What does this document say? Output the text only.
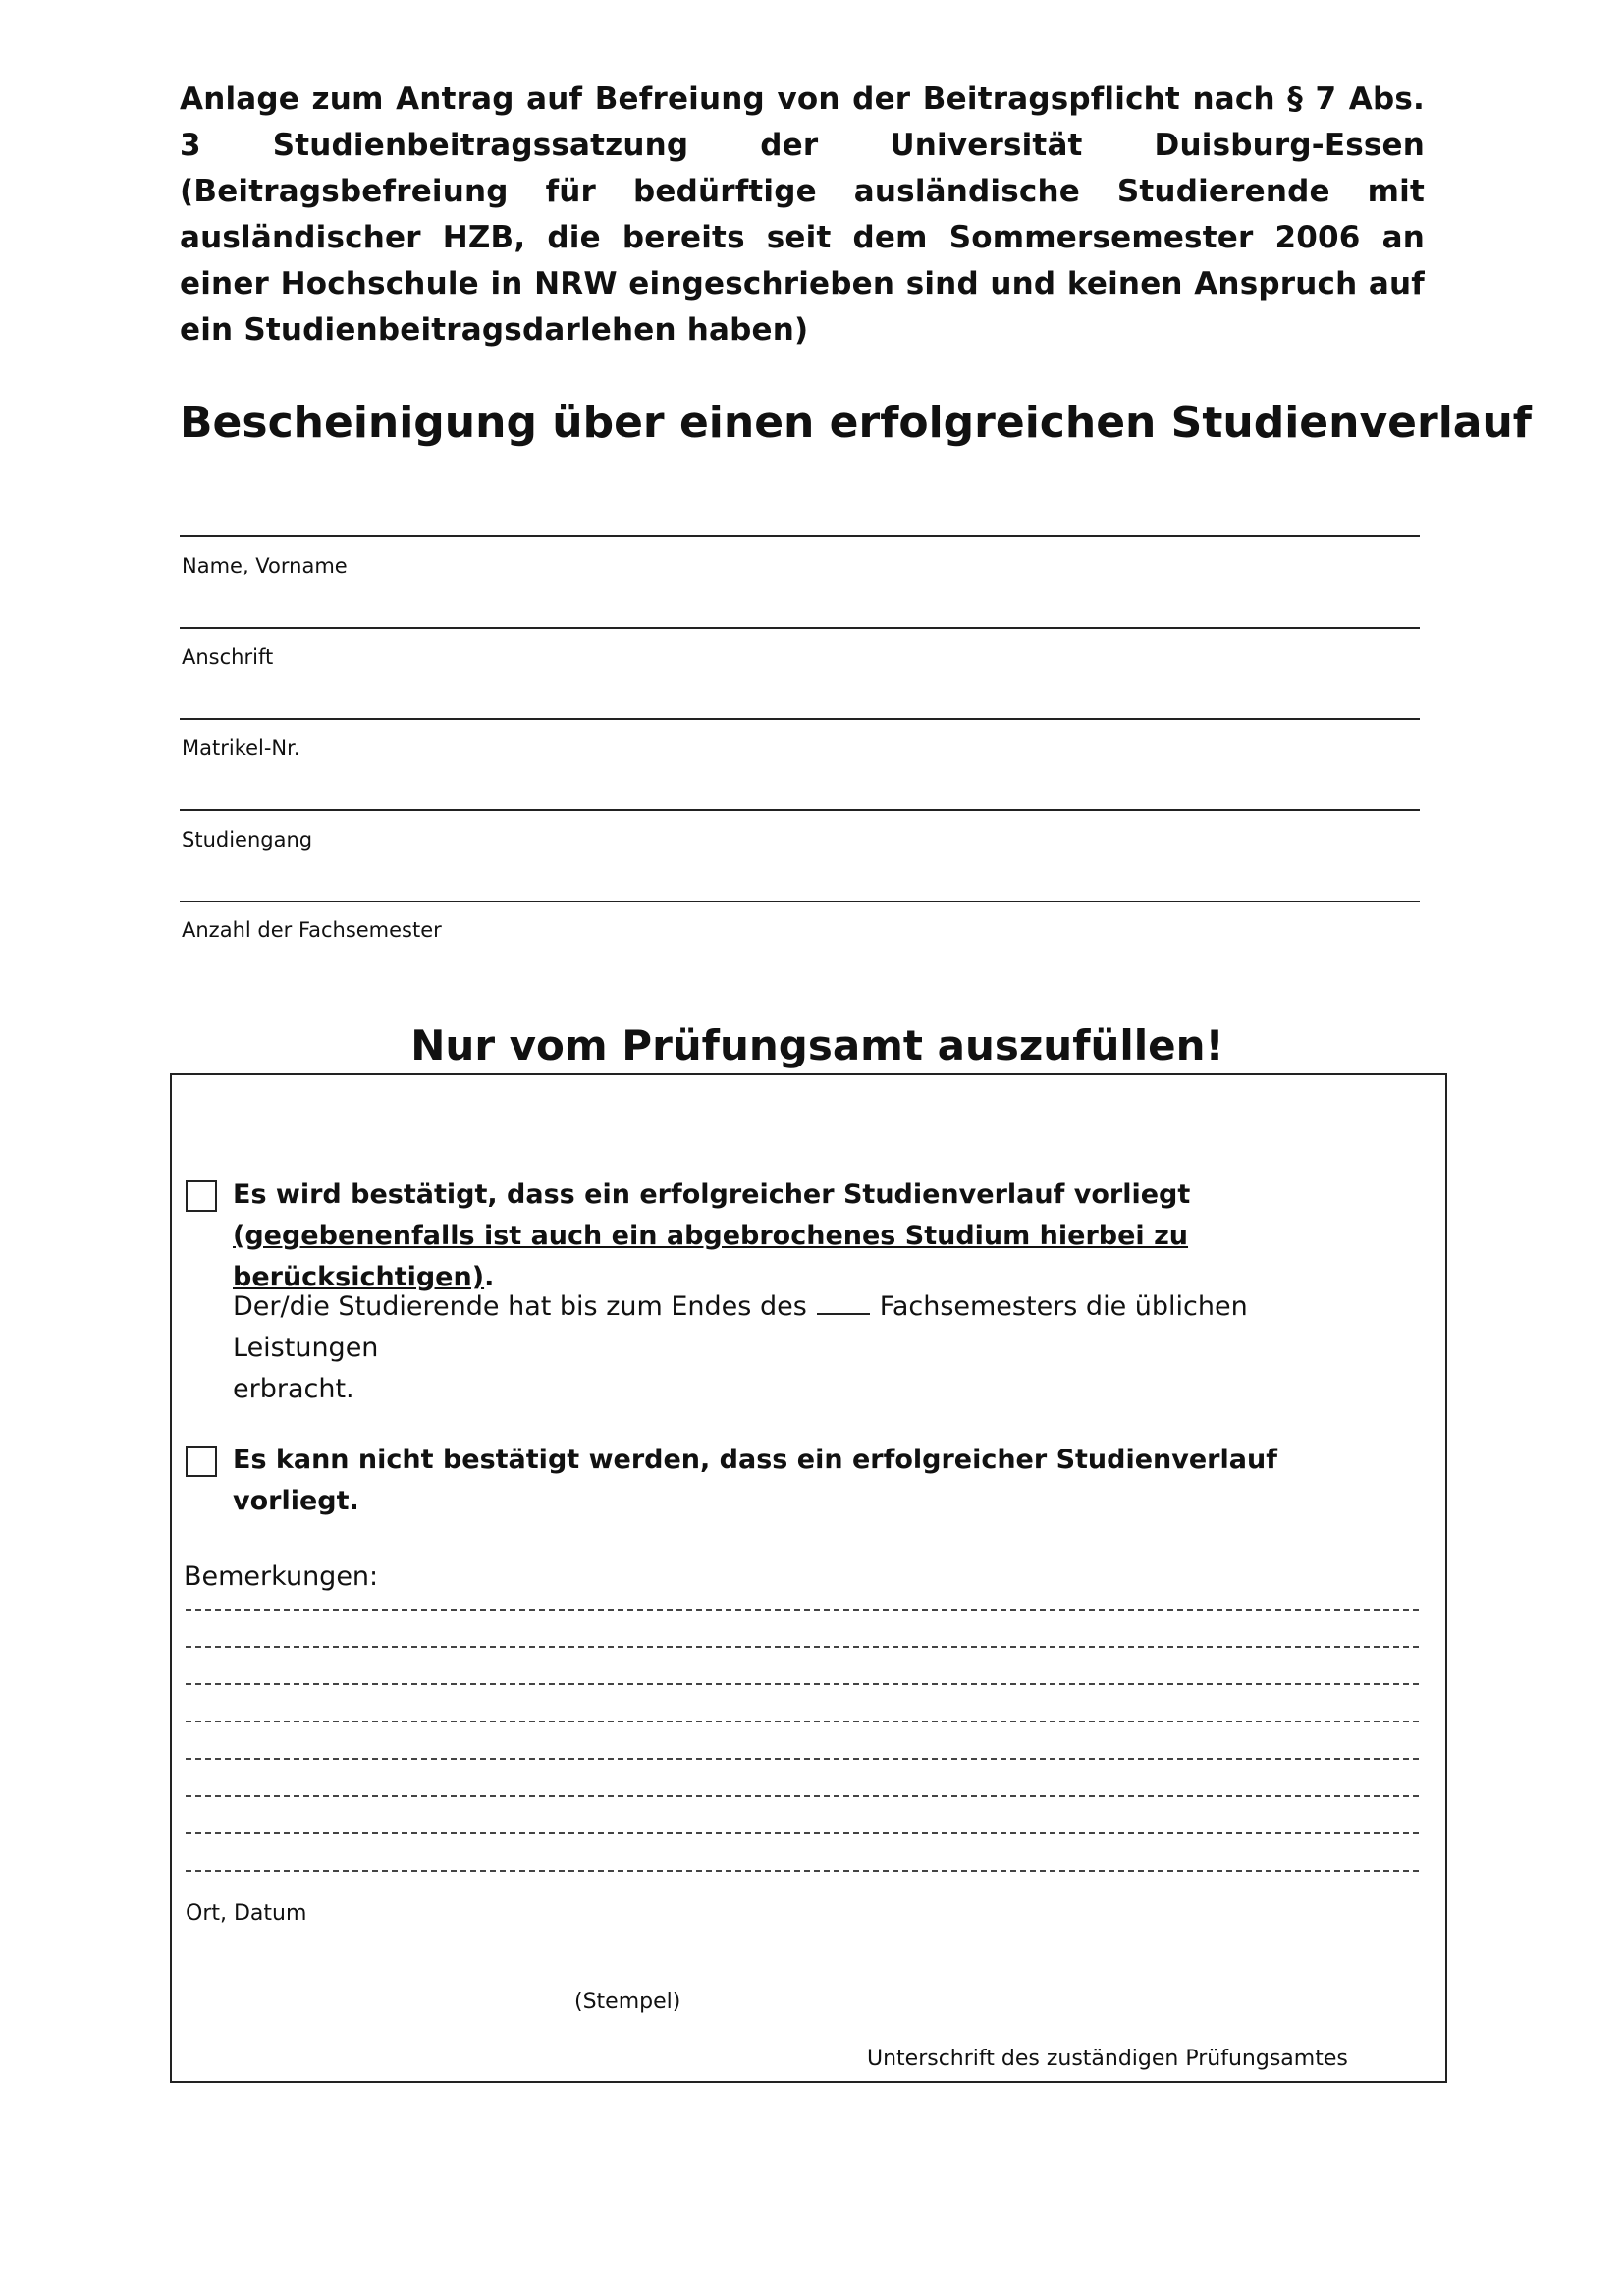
Anlage zum Antrag auf Befreiung von der Beitragspflicht nach § 7 Abs. 3 Studienbeitragssatzung der Universität Duisburg-Essen (Beitragsbefreiung für bedürftige ausländische Studierende mit ausländischer HZB, die bereits seit dem Sommersemester 2006 an einer Hochschule in NRW eingeschrieben sind und keinen Anspruch auf ein Studienbeitragsdarlehen haben)
Bescheinigung über einen erfolgreichen Studienverlauf
Name, Vorname
Anschrift
Matrikel-Nr.
Studiengang
Anzahl der Fachsemester
Nur vom Prüfungsamt auszufüllen!
Es wird bestätigt, dass ein erfolgreicher Studienverlauf vorliegt (gegebenenfalls ist auch ein abgebrochenes Studium hierbei zu berücksichtigen).
Der/die Studierende hat bis zum Endes des	Fachsemesters die üblichen Leistungen
erbracht.
Es kann nicht bestätigt werden, dass ein erfolgreicher Studienverlauf vorliegt.
Bemerkungen:
Ort, Datum
(Stempel)
Unterschrift des zuständigen Prüfungsamtes
